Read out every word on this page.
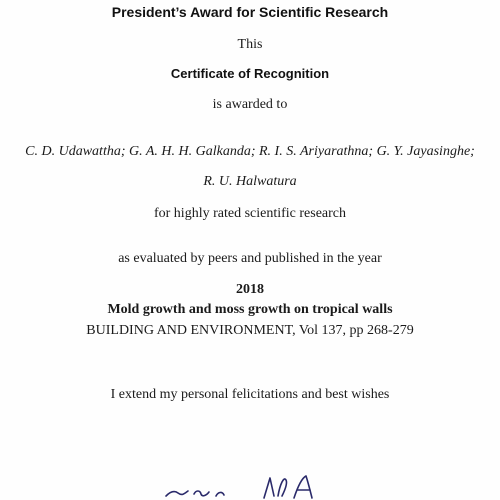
President’s Award for Scientific Research
This
Certificate of Recognition
is awarded to
C. D. Udawattha; G. A. H. H. Galkanda; R. I. S. Ariyarathna; G. Y. Jayasinghe;
R. U. Halwatura
for highly rated scientific research
as evaluated by peers and published in the year
2018
Mold growth and moss growth on tropical walls
BUILDING AND ENVIRONMENT, Vol 137, pp 268-279
I extend my personal felicitations and best wishes
